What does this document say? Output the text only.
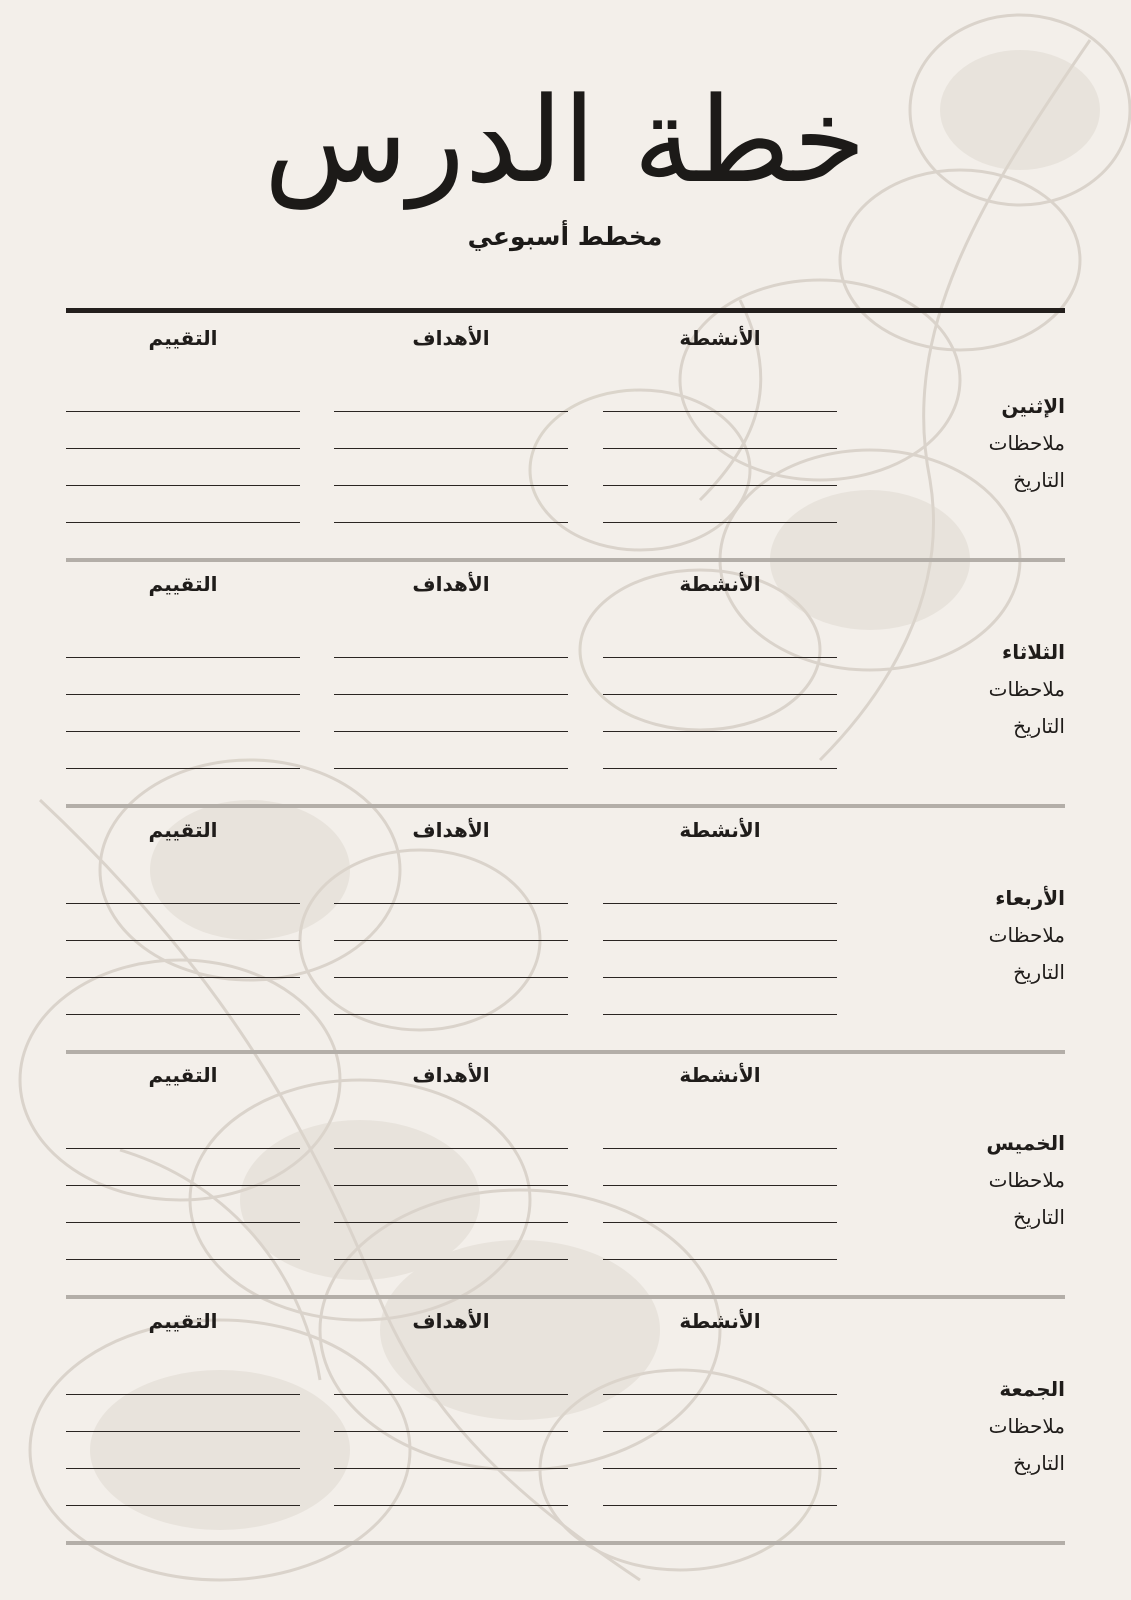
خطة الدرس
مخطط أسبوعي
الأنشطة
الأهداف
التقييم
الإثنين
ملاحظات
التاريخ
الأنشطة
الأهداف
التقييم
الثلاثاء
ملاحظات
التاريخ
الأنشطة
الأهداف
التقييم
الأربعاء
ملاحظات
التاريخ
الأنشطة
الأهداف
التقييم
الخميس
ملاحظات
التاريخ
الأنشطة
الأهداف
التقييم
الجمعة
ملاحظات
التاريخ
